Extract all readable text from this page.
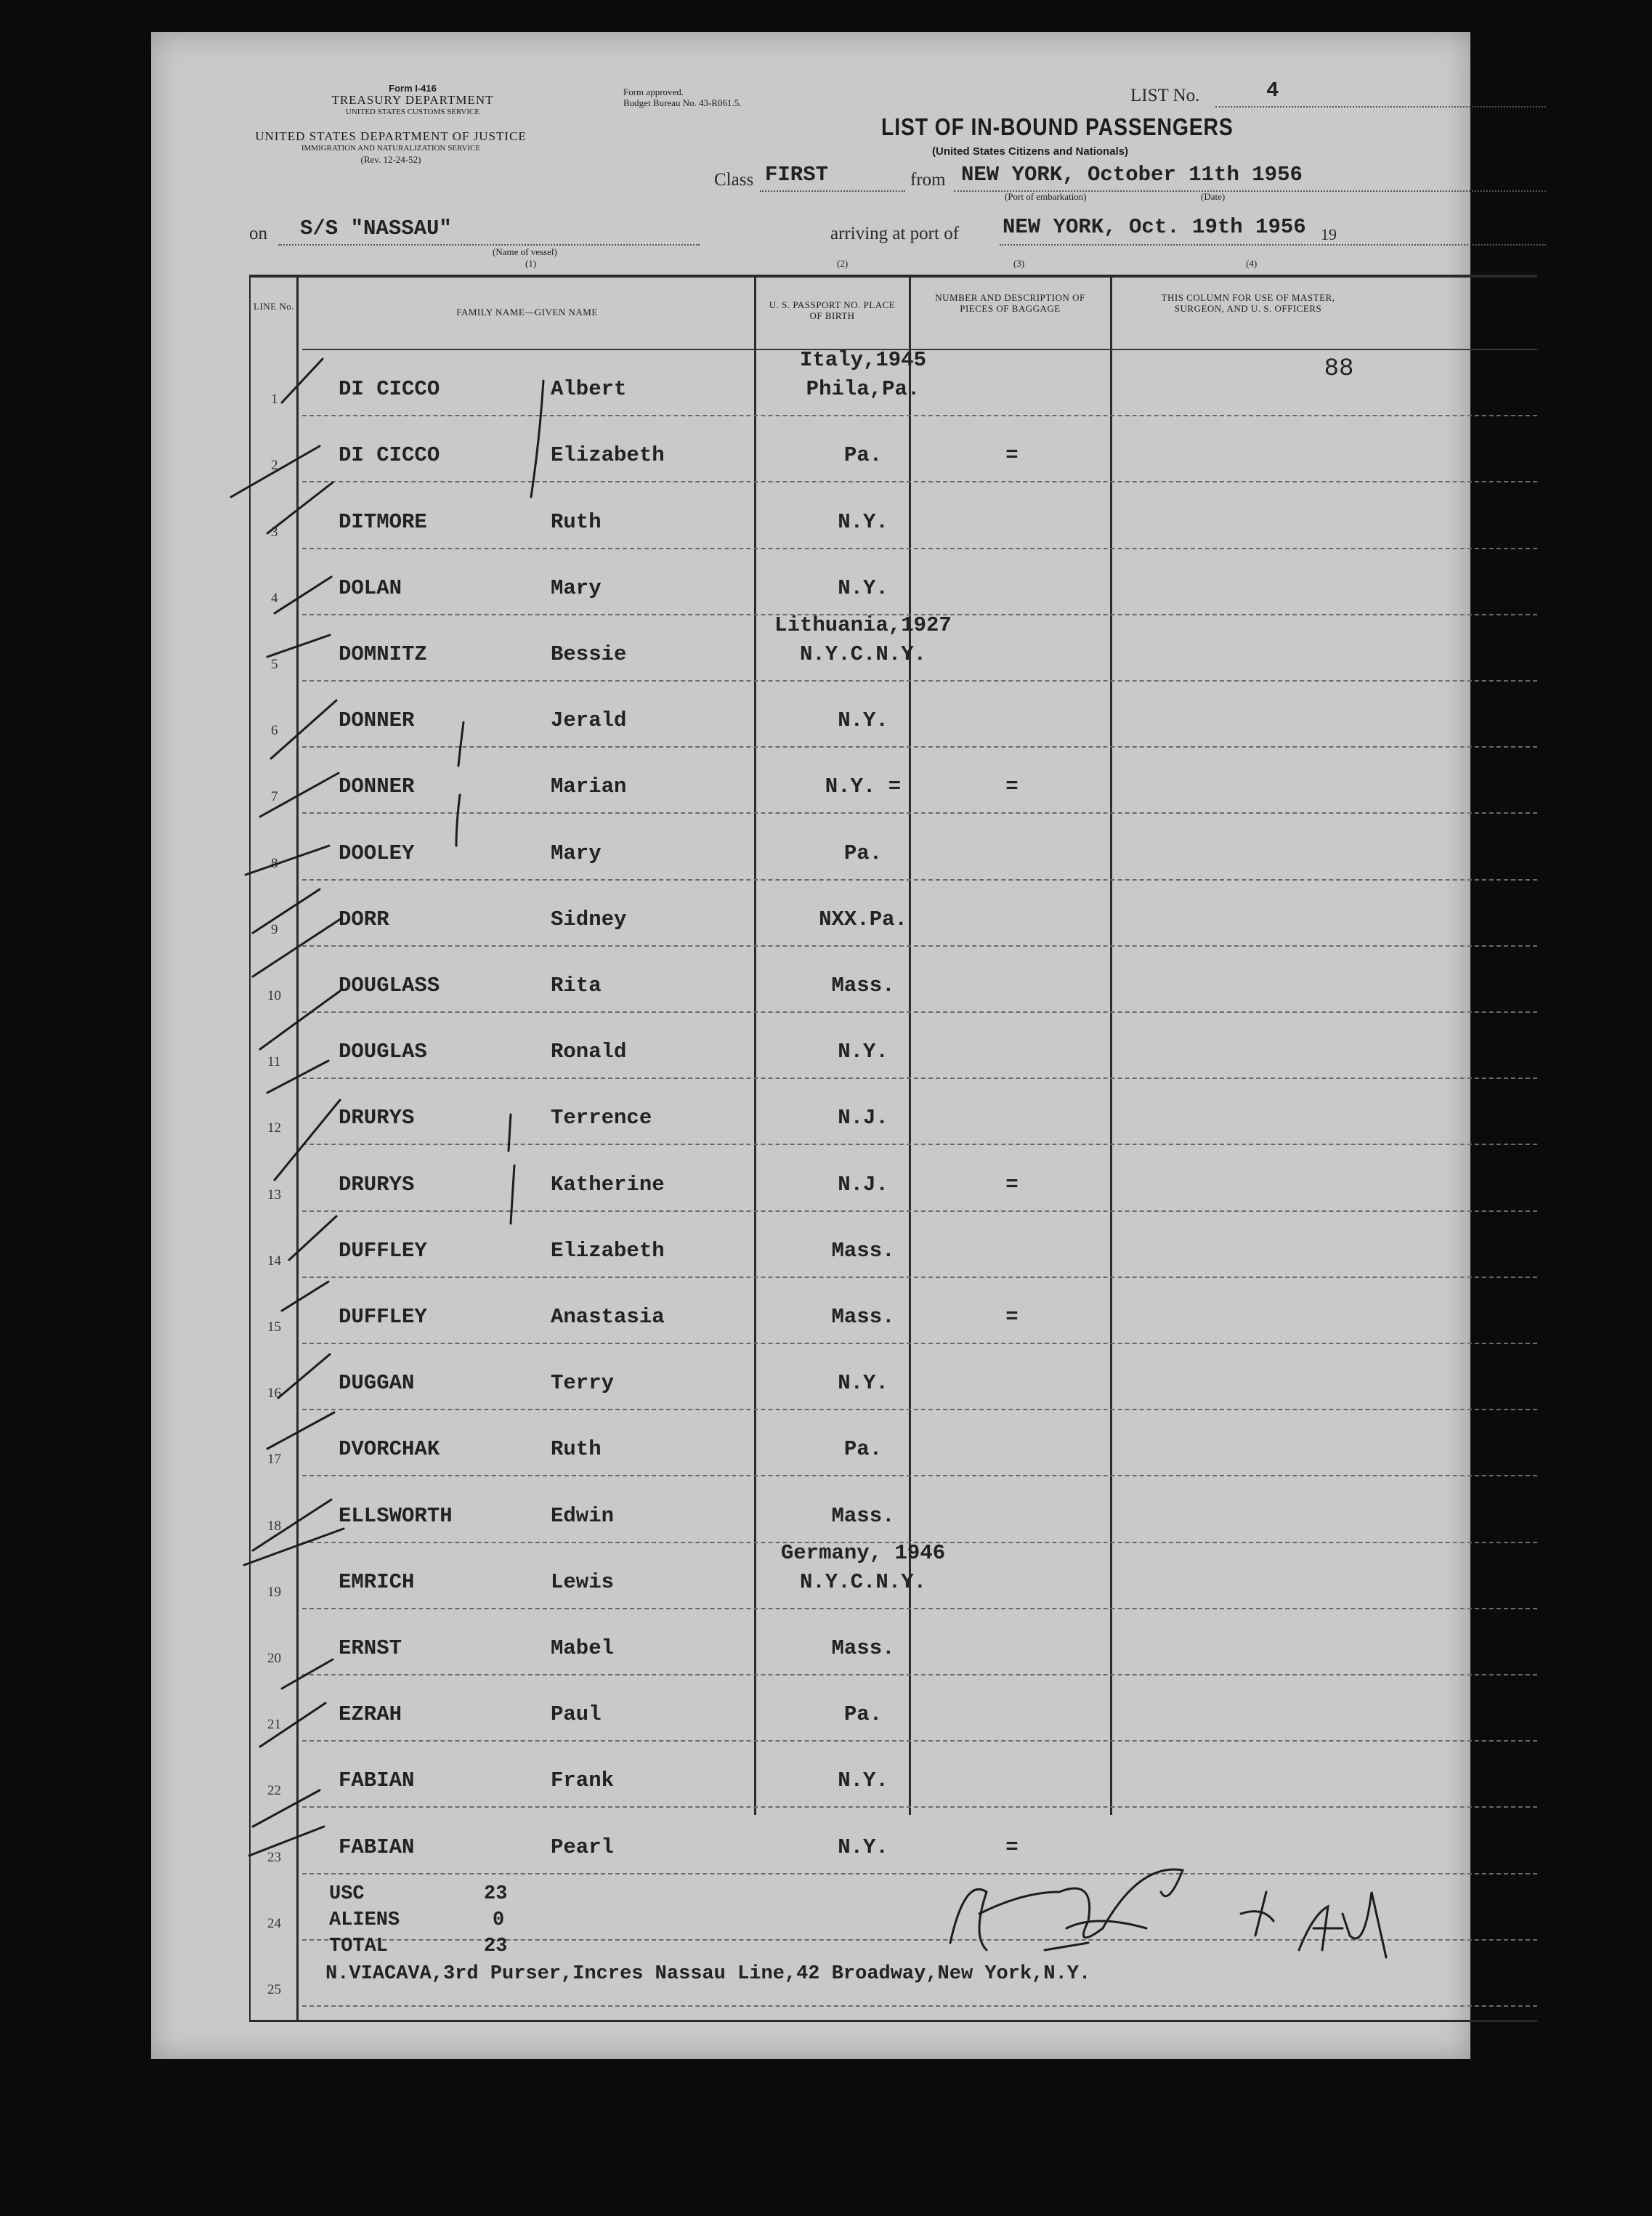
Form I-416
TREASURY DEPARTMENT
UNITED STATES CUSTOMS SERVICE
UNITED STATES DEPARTMENT OF JUSTICE
IMMIGRATION AND NATURALIZATION SERVICE
(Rev. 12-24-52)
Form approved.
Budget Bureau No. 43-R061.5.	LIST No.	4
LIST OF IN-BOUND PASSENGERS
(United States Citizens and Nationals)
Class FIRST	from NEW YORK, October 11th 1956
(Port of embarkation)	(Date)
on S/S "NASSAU"
(Name of vessel)
arriving at port of NEW YORK, Oct. 19th 1956 19
(1)	(2)	(3)	(4)
LINE No.
FAMILY NAME—GIVEN NAME
U. S. PASSPORT NO. PLACE OF BIRTH
NUMBER AND DESCRIPTION OF PIECES OF BAGGAGE
THIS COLUMN FOR USE OF MASTER, SURGEON, AND U. S. OFFICERS
1	DI CICCO	Albert
Italy,1945
Phila,Pa.
88
2	DI CICCO	Elizabeth	Pa.	=
3	DITMORE	Ruth	N.Y.
4	DOLAN	Mary	N.Y.
5	DOMNITZ	Bessie
Lithuania,1927
N.Y.C.N.Y.
6	DONNER	Jerald	N.Y.
7	DONNER	Marian	N.Y. =	=
8	DOOLEY	Mary	Pa.
9	DORR	Sidney	NXX.Pa.
10	DOUGLASS	Rita	Mass.
11	DOUGLAS	Ronald	N.Y.
12	DRURYS	Terrence	N.J.
13	DRURYS	Katherine	N.J.	=
14	DUFFLEY	Elizabeth	Mass.
15	DUFFLEY	Anastasia	Mass.	=
16	DUGGAN	Terry	N.Y.
17	DVORCHAK	Ruth	Pa.
18	ELLSWORTH	Edwin	Mass.
19	EMRICH	Lewis
Germany, 1946
N.Y.C.N.Y.
20	ERNST	Mabel	Mass.
21	EZRAH	Paul	Pa.
22	FABIAN	Frank	N.Y.
23	FABIAN	Pearl	N.Y.	=
24
25
USC	23
ALIENS	0
TOTAL	23
N.VIACAVA,3rd Purser,Incres Nassau Line,42 Broadway,New York,N.Y.
